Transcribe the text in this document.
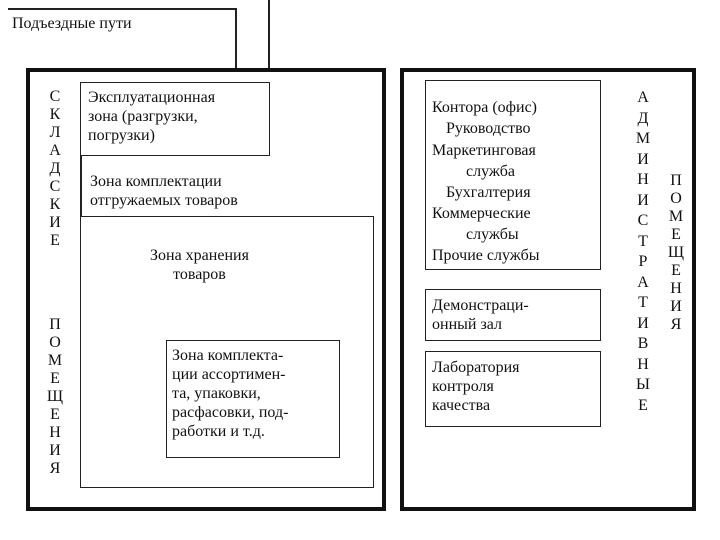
Подъездные пути
С
К
Л
А
Д
С
К
И
Е
П
О
М
Е
Щ
Е
Н
И
Я
Эксплуатационная
зона (разгрузки,
погрузки)
Зона комплектации
отгружаемых товаров
Зона хранения
товаров
Зона комплекта-
ции ассортимен-
та, упаковки,
расфасовки, под-
работки и т.д.
Контора (офис)
Руководство
Маркетинговая
служба
Бухгалтерия
Коммерческие
службы
Прочие службы
Демонстраци-
онный зал
Лаборатория
контроля
качества
А
Д
М
И
Н
И
С
Т
Р
А
Т
И
В
Н
Ы
Е
П
О
М
Е
Щ
Е
Н
И
Я
